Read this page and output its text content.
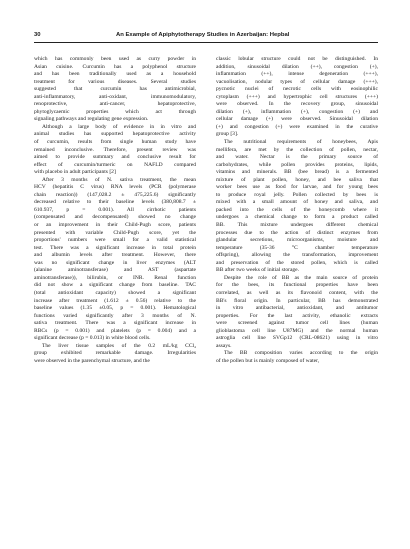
30	An Example of Apiphytotherapy Studies in Azerbaijan: Hepbal

which has commonly been used as curry powder in
Asian cuisine. Curcumin has a polyphenol structure
and has been traditionally used as a household
treatment for various diseases. Several studies
suggested that curcumin has antimicrobial,
anti-inflammatory, anti-oxidant, immunomodulatory,
renoprotective, anti-cancer, hepatoprotective,
phytoglycaemic properties which act through
signaling pathways and regulating gene expression.

Although a large body of evidence in in vitro and
animal studies has supported hepatoprotective activity
of curcumin, results from single human study have
remained inconclusive. Therefore, present review was
aimed to provide summary and conclusive result for
effect of curcumin/turmeric on NAFLD compared
with placebo in adult participants [2]

After 3 months of N. sativa treatment, the mean
HCV (hepatitis C virus) RNA levels (PCR (polymerase
chain reaction)) (147,028.2 ± 475,225.6) significantly
decreased relative to their baseline levels (380,808.7 ±
610.937, p = 0.001). All cirrhotic patients
(compensated and decompensated) showed no change
or an improvement in their Child-Pugh score, patients
presented with variable Child-Pugh score, yet the
proportions' numbers were small for a valid statistical
test. There was a significant increase in total protein
and albumin levels after treatment. However, there
was no significant change in liver enzymes (ALT
(alanine aminotransferase) and AST (aspartate
aminotransferase)), bilirubin, or INR. Renal function
did not show a significant change from baseline. TAC
(total antioxidant capacity) showed a significant
increase after treatment (1.612 ± 0.56) relative to the
baseline values (1.35 ±0.05, p = 0.001). Hematological
functions varied significantly after 3 months of N.
sativa treatment. There was a significant increase in
RBCs (p = 0.001) and platelets (p = 0.004) and a
significant decrease (p = 0.013) in white blood cells.

The liver tissue samples of the 0.2 mL/kg CCl₄
group exhibited remarkable damage. Irregularities
were observed in the parenchymal structure, and the

classic lobular structure could not be distinguished. In
addition, sinusoidal dilation (++), congestion (+),
inflammation (++), intense degeneration (+++),
vacuolisation, nodular types of cellular damage (+++),
pycnotic nuclei of necrotic cells with eosinophilic
cytoplasm (+++) and hypertrophic cell structures (+++)
were observed. In the recovery group, sinusoidal
dilation (+), inflammation (+), congestion (+) and
cellular damage (+) were observed. Sinusoidal dilation
(+) and congestion (+) were examined in the curative
group [3].

The nutritional requirements of honeybees, Apis
mellifera, are met by the collection of pollen, nectar,
and water. Nectar is the primary source of
carbohydrates, while pollen provides proteins, lipids,
vitamins and minerals. BB (bee bread) is a fermented
mixture of plant pollen, honey, and bee saliva that
worker bees use as food for larvae, and for young bees
to produce royal jelly. Pollen collected by bees is
mixed with a small amount of honey and saliva, and
packed into the cells of the honeycomb where it
undergoes a chemical change to form a product called
BB. This mixture undergoes different chemical
processes due to the action of distinct enzymes from
glandular secretions, microorganisms, moisture and
temperature (35-36 °C chamber temperature
offspring), allowing the transformation, improvement
and preservation of the stored pollen, which is called
BB after two weeks of initial storage.

Despite the role of BB as the main source of protein
for the bees, its functional properties have been
correlated, as well as its flavonoid content, with the
BB's floral origin. In particular, BB has demonstrated
in vitro antibacterial, antioxidant, and antitumor
properties. For the last activity, ethanolic extracts
were screened against tumor cell lines (human
glioblastoma cell line U87MG) and the normal human
astroglia cell line SVGp12 (CRL-08621) using in vitro
assays.

The BB composition varies according to the origin
of the pollen but is mainly composed of water,
